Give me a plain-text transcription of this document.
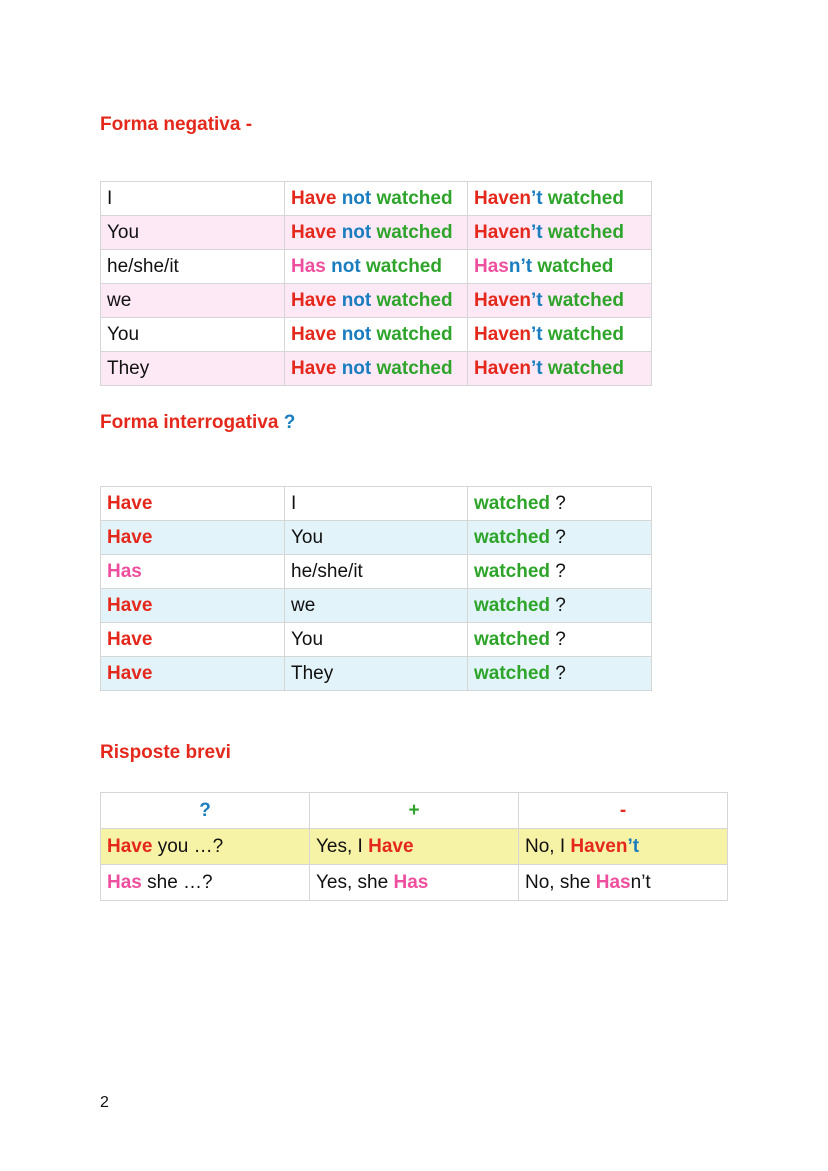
Forma negativa -
I	Have not watched	Haven’t watched
You	Have not watched	Haven’t watched
he/she/it	Has not watched	Hasn’t watched
we	Have not watched	Haven’t watched
You	Have not watched	Haven’t watched
They	Have not watched	Haven’t watched
Forma interrogativa ?
Have	I	watched ?
Have	You	watched ?
Has	he/she/it	watched ?
Have	we	watched ?
Have	You	watched ?
Have	They	watched ?
Risposte brevi
?	+	-
Have you …?	Yes, I Have	No, I Haven’t
Has she …?	Yes, she Has	No, she Hasn’t
2
